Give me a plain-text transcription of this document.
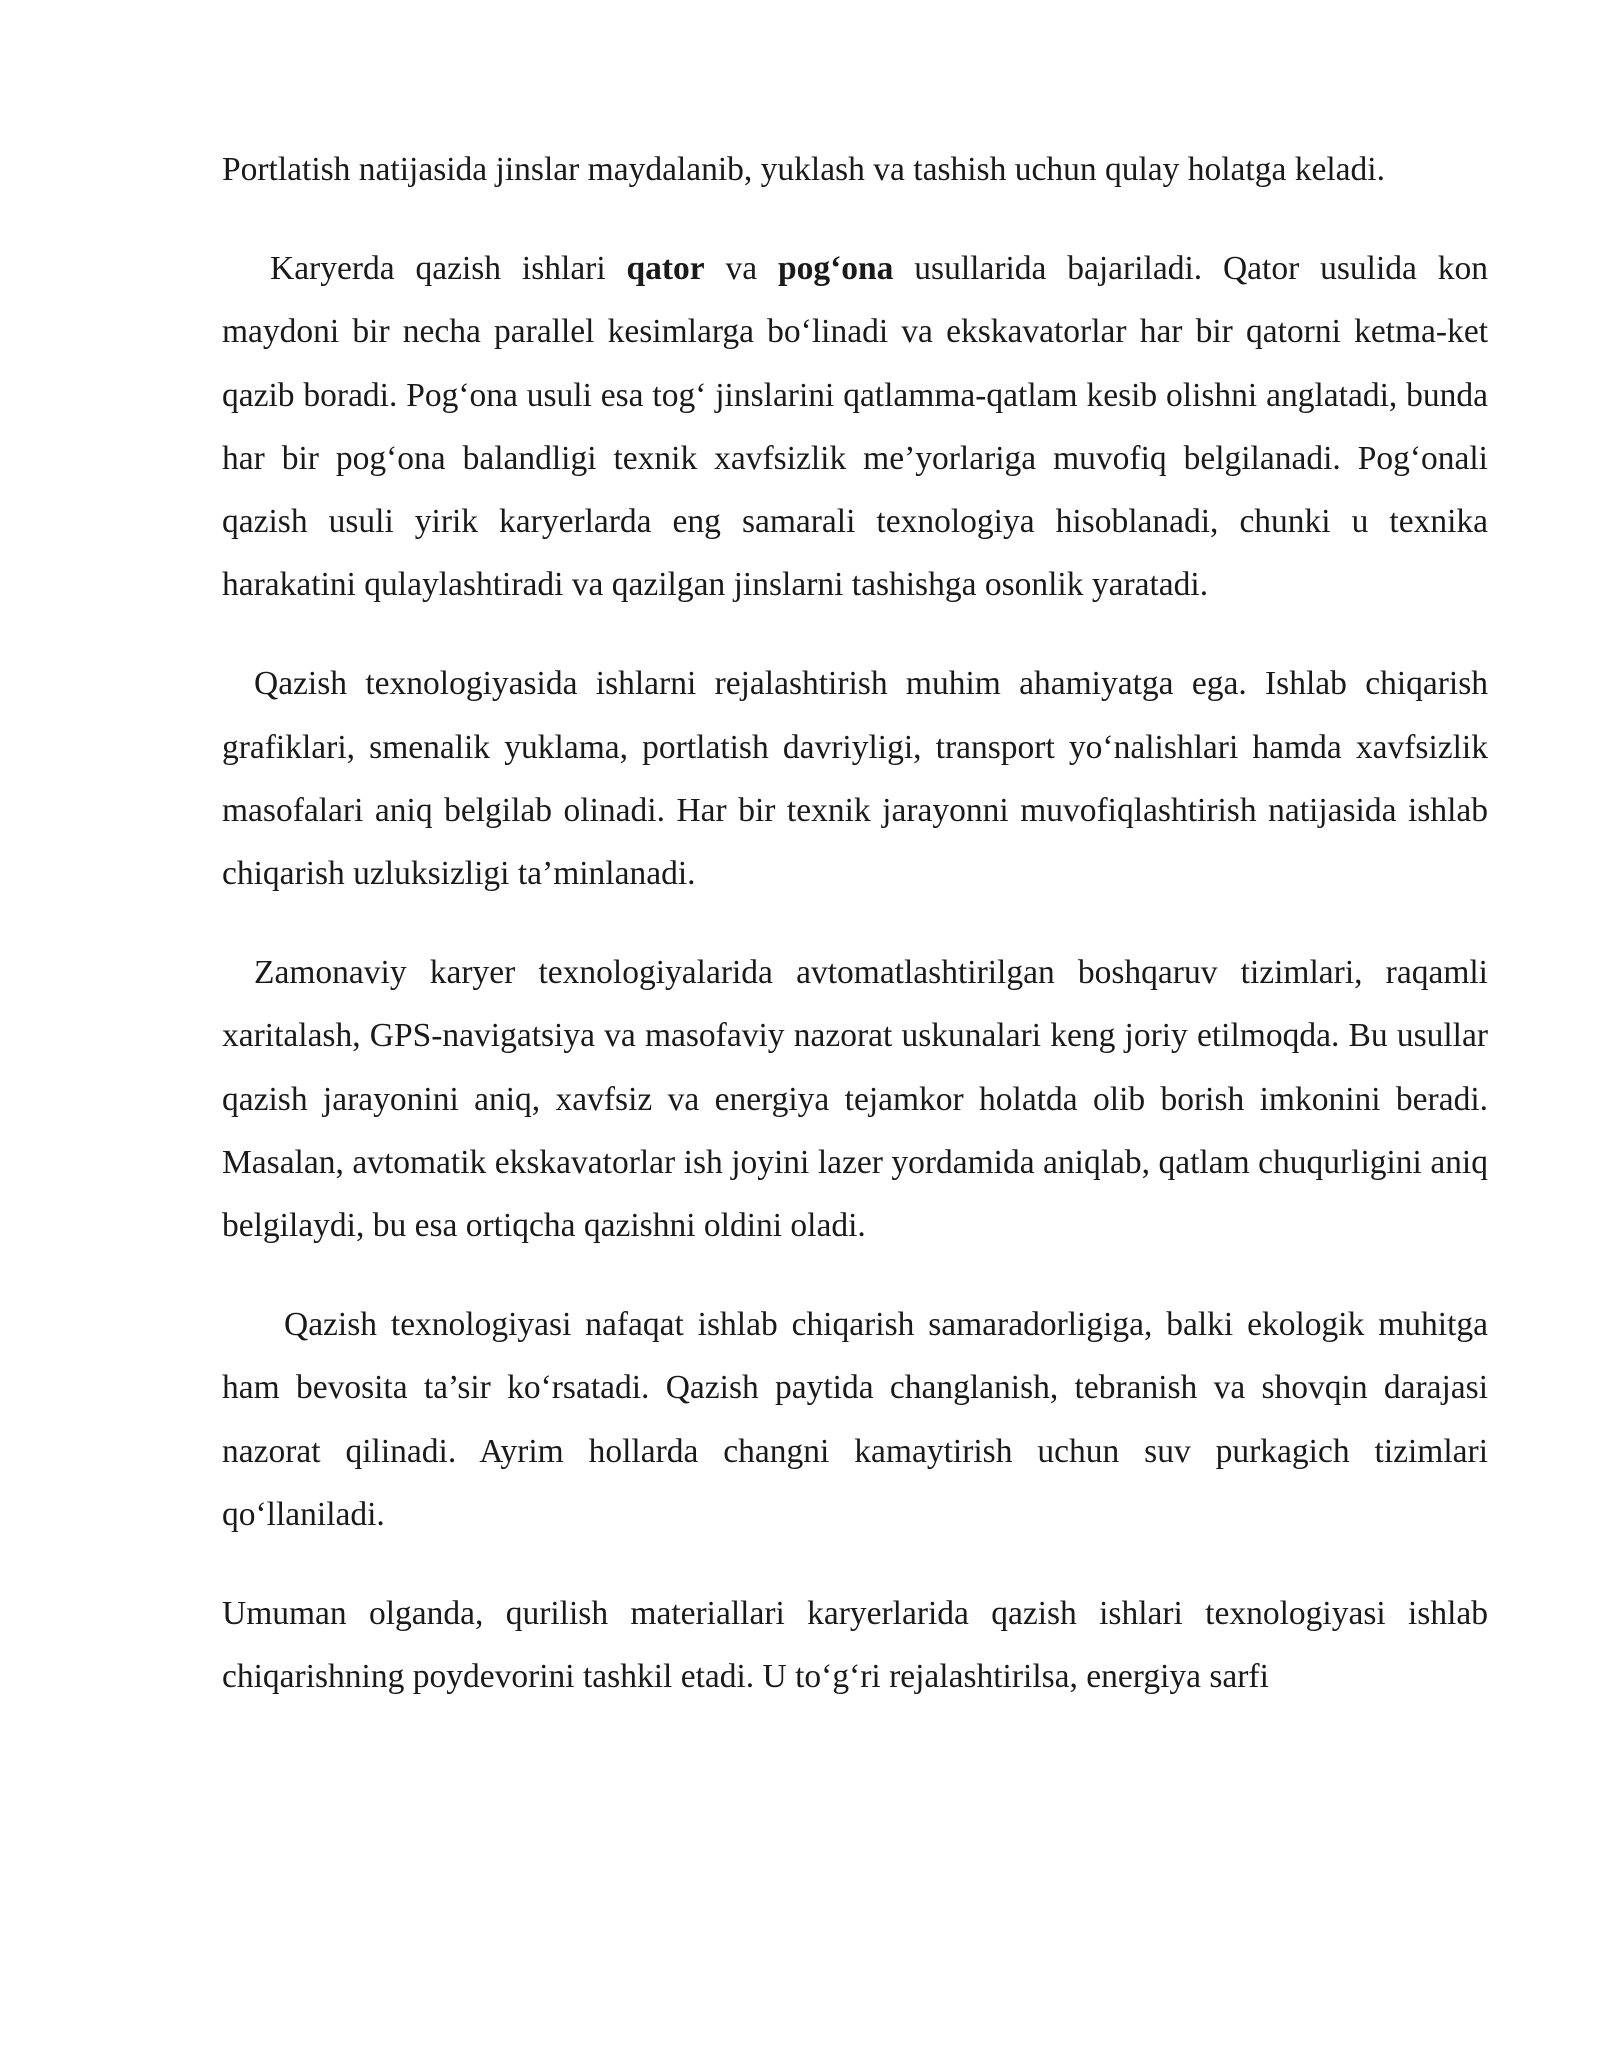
Portlatish natijasida jinslar maydalanib, yuklash va tashish uchun qulay holatga keladi.

Karyerda qazish ishlari qator va pog‘ona usullarida bajariladi. Qator usulida kon maydoni bir necha parallel kesimlarga bo‘linadi va ekskavatorlar har bir qatorni ketma-ket qazib boradi. Pog‘ona usuli esa tog‘ jinslarini qatlamma-qatlam kesib olishni anglatadi, bunda har bir pog‘ona balandligi texnik xavfsizlik me’yorlariga muvofiq belgilanadi. Pog‘onali qazish usuli yirik karyerlarda eng samarali texnologiya hisoblanadi, chunki u texnika harakatini qulaylashtiradi va qazilgan jinslarni tashishga osonlik yaratadi.

Qazish texnologiyasida ishlarni rejalashtirish muhim ahamiyatga ega. Ishlab chiqarish grafiklari, smenalik yuklama, portlatish davriyligi, transport yo‘nalishlari hamda xavfsizlik masofalari aniq belgilab olinadi. Har bir texnik jarayonni muvofiqlashtirish natijasida ishlab chiqarish uzluksizligi ta’minlanadi.

Zamonaviy karyer texnologiyalarida avtomatlashtirilgan boshqaruv tizimlari, raqamli xaritalash, GPS-navigatsiya va masofaviy nazorat uskunalari keng joriy etilmoqda. Bu usullar qazish jarayonini aniq, xavfsiz va energiya tejamkor holatda olib borish imkonini beradi. Masalan, avtomatik ekskavatorlar ish joyini lazer yordamida aniqlab, qatlam chuqurligini aniq belgilaydi, bu esa ortiqcha qazishni oldini oladi.

Qazish texnologiyasi nafaqat ishlab chiqarish samaradorligiga, balki ekologik muhitga ham bevosita ta’sir ko‘rsatadi. Qazish paytida changlanish, tebranish va shovqin darajasi nazorat qilinadi. Ayrim hollarda changni kamaytirish uchun suv purkagich tizimlari qo‘llaniladi.

Umuman olganda, qurilish materiallari karyerlarida qazish ishlari texnologiyasi ishlab chiqarishning poydevorini tashkil etadi. U to‘g‘ri rejalashtirilsa, energiya sarfi
